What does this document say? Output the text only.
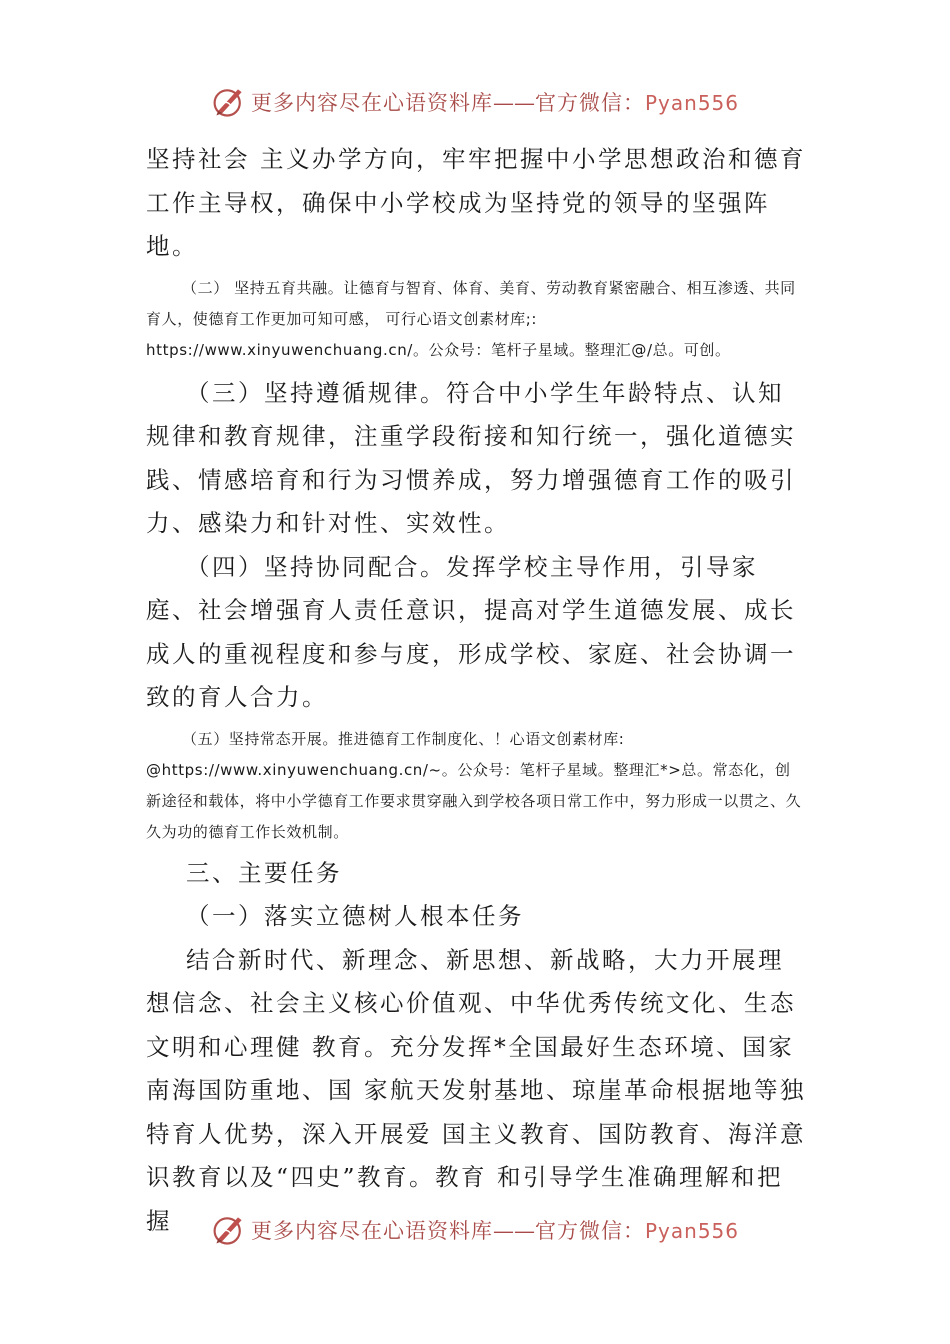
更多内容尽在心语资料库——官方微信：Pyan556

坚持社会 主义办学方向，牢牢把握中小学思想政治和德育工作主导权，确保中小学校成为坚持党的领导的坚强阵地。

（二） 坚持五育共融。让德育与智育、体育、美育、劳动教育紧密融合、相互渗透、共同育人，使德育工作更加可知可感， 可行心语文创素材库;: https://www.xinyuwenchuang.cn/。公众号：笔杆子星域。整理汇@/总。可创。

（三）坚持遵循规律。符合中小学生年龄特点、认知规律和教育规律，注重学段衔接和知行统一，强化道德实践、情感培育和行为习惯养成，努力增强德育工作的吸引力、感染力和针对性、实效性。

（四）坚持协同配合。发挥学校主导作用，引导家庭、社会增强育人责任意识，提高对学生道德发展、成长成人的重视程度和参与度，形成学校、家庭、社会协调一致的育人合力。

（五）坚持常态开展。推进德育工作制度化、！心语文创素材库: @https://www.xinyuwenchuang.cn/~。公众号：笔杆子星域。整理汇*>总。常态化，创新途径和载体，将中小学德育工作要求贯穿融入到学校各项日常工作中，努力形成一以贯之、久久为功的德育工作长效机制。

三、主要任务

（一）落实立德树人根本任务

结合新时代、新理念、新思想、新战略，大力开展理想信念、社会主义核心价值观、中华优秀传统文化、生态文明和心理健 教育。充分发挥*全国最好生态环境、国家南海国防重地、国 家航天发射基地、琼崖革命根据地等独特育人优势，深入开展爱 国主义教育、国防教育、海洋意识教育以及“四史”教育。教育 和引导学生准确理解和把握	更多内容尽在心语资料库——官方微信：Pyan556
